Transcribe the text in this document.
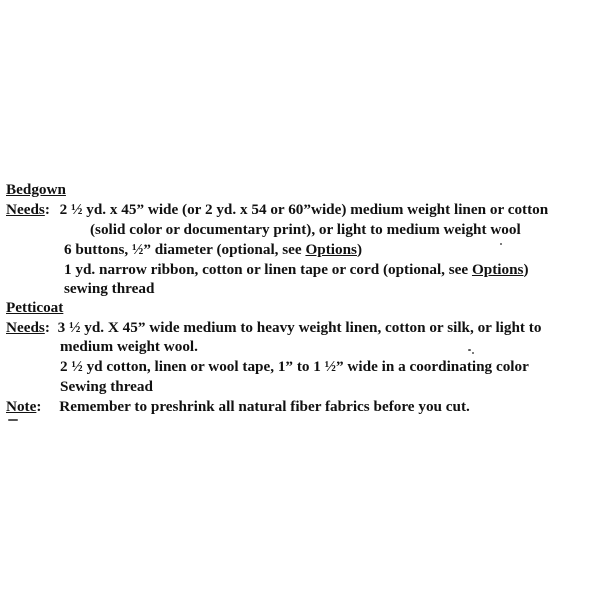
Bedgown
Needs: 2 ½ yd. x 45” wide (or 2 yd. x 54 or 60”wide) medium weight linen or cotton
(solid color or documentary print), or light to medium weight wool
6 buttons, ½” diameter (optional, see Options)
1 yd. narrow ribbon, cotton or linen tape or cord (optional, see Options)
sewing thread
Petticoat
Needs: 3 ½ yd. X 45” wide medium to heavy weight linen, cotton or silk, or light to
medium weight wool.
2 ½ yd cotton, linen or wool tape, 1” to 1 ½” wide in a coordinating color
Sewing thread
Note: Remember to preshrink all natural fiber fabrics before you cut.
